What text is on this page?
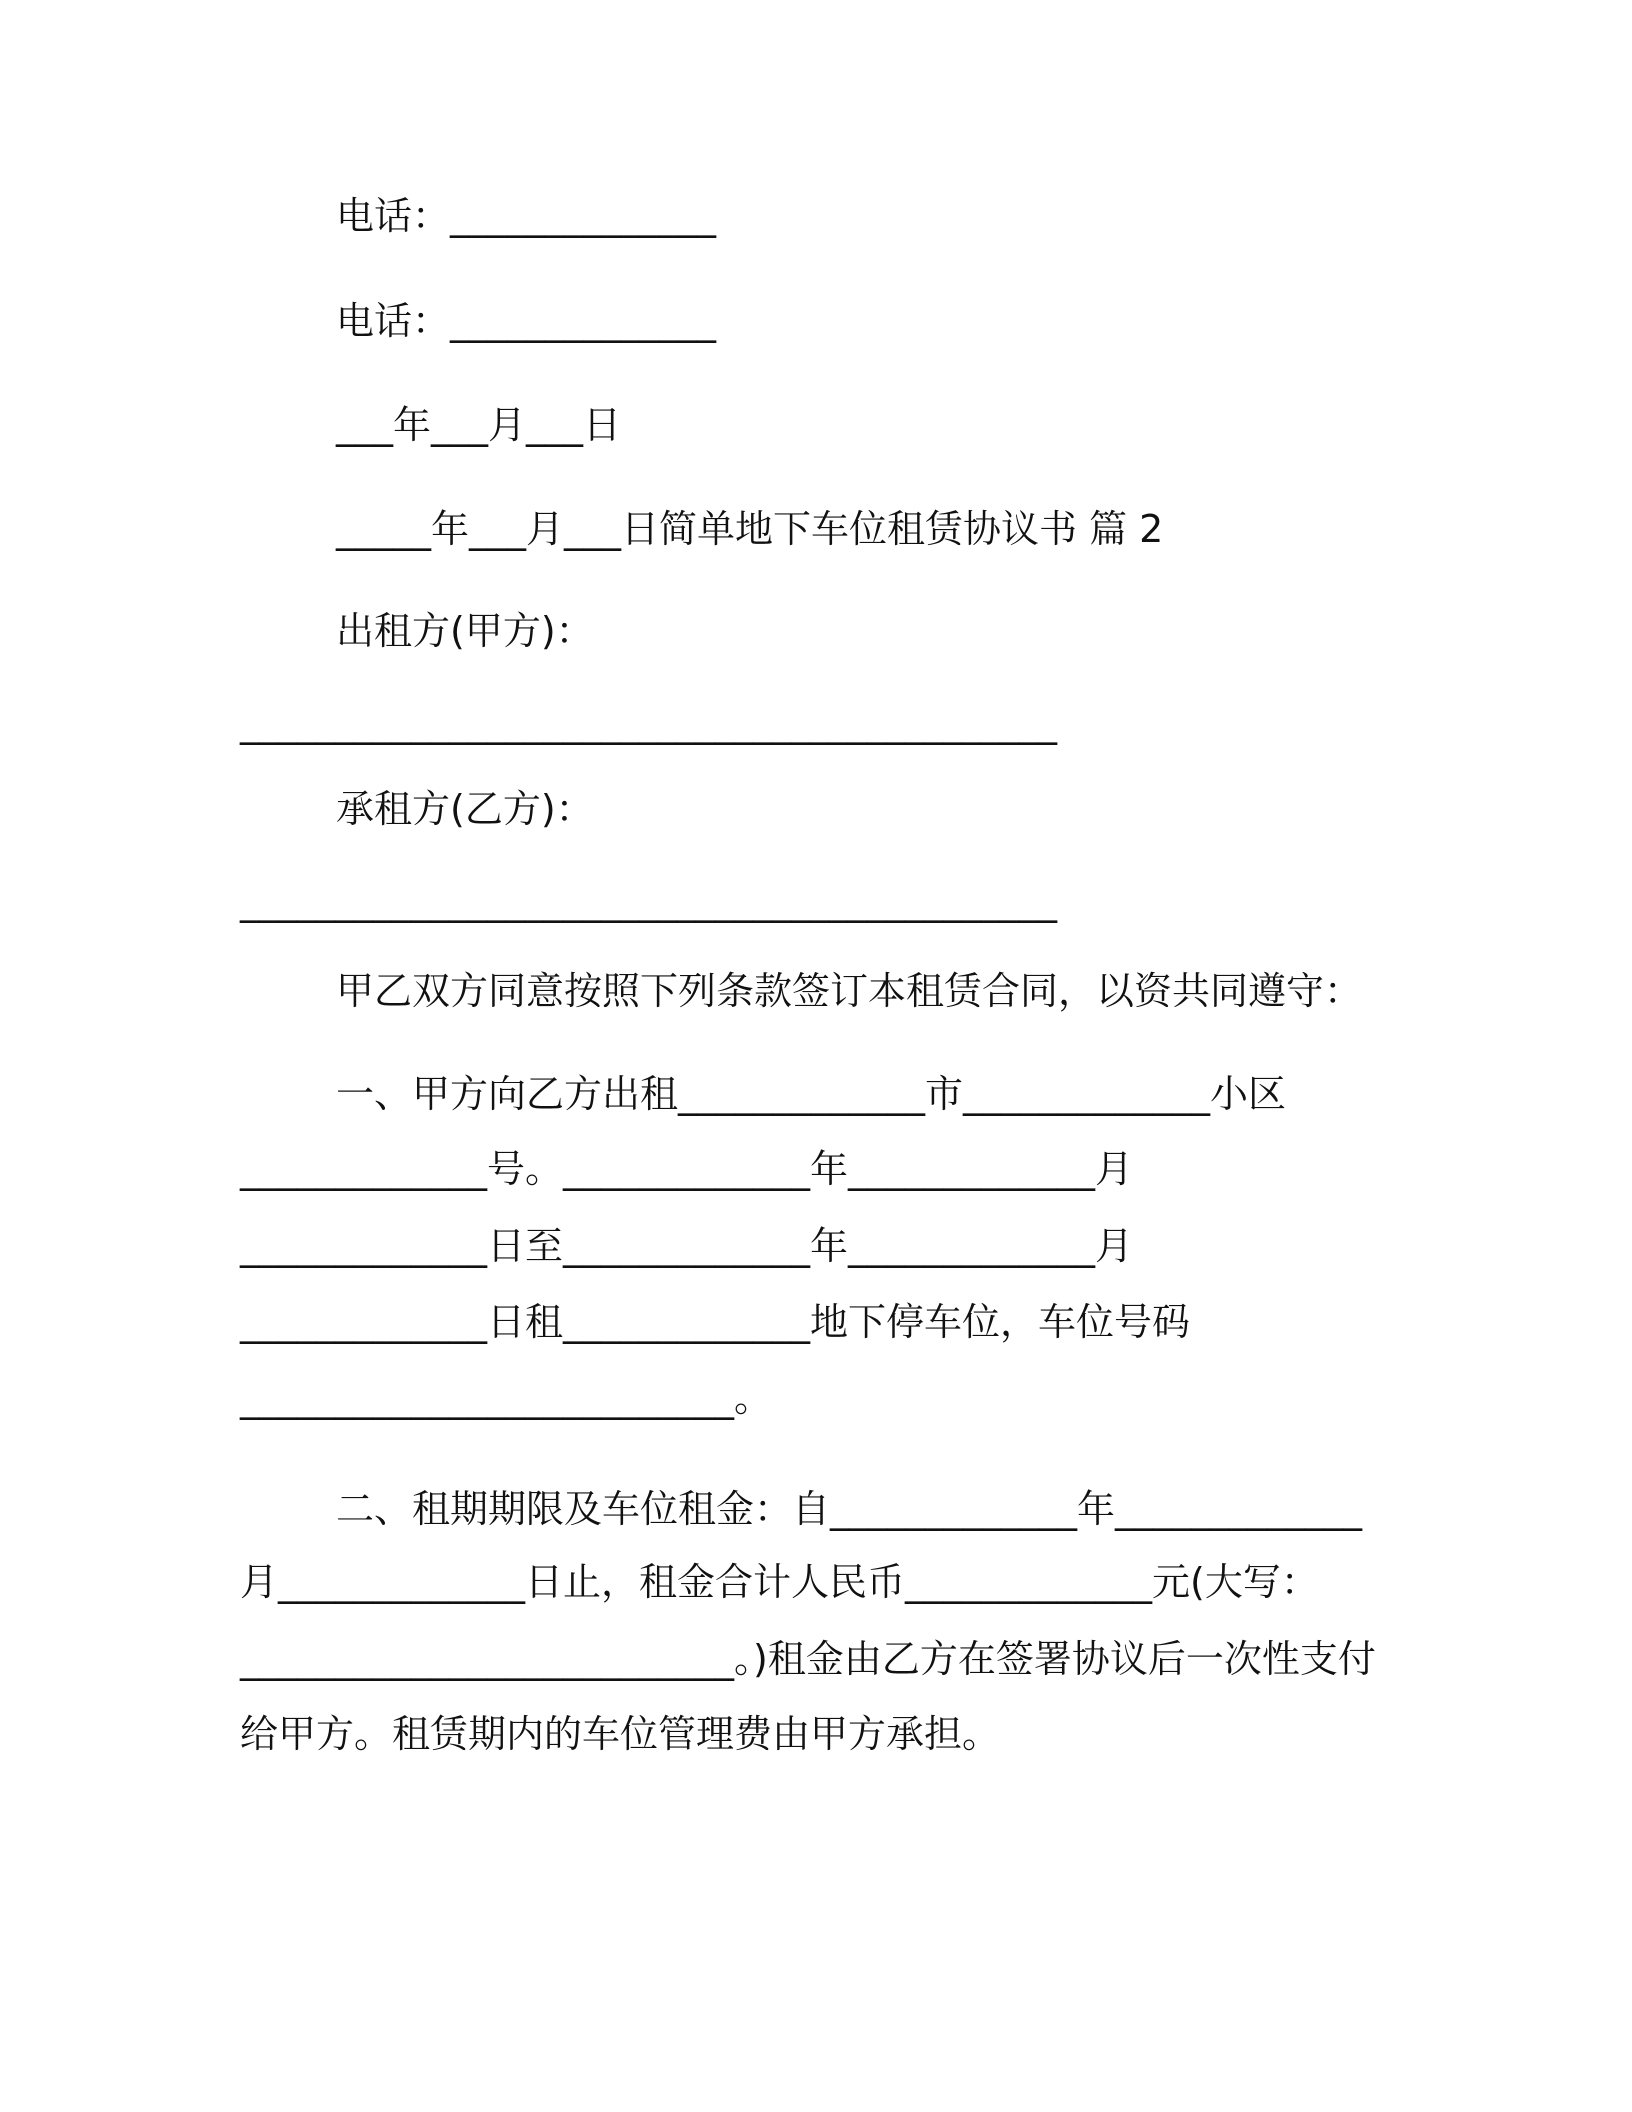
电话：______________
电话：______________
___年___月___日
_____年___月___日简单地下车位租赁协议书 篇 2
出租方(甲方)：
___________________________________________
承租方(乙方)：
___________________________________________
甲乙双方同意按照下列条款签订本租赁合同，以资共同遵守：
一、甲方向乙方出租_____________市_____________小区
_____________号。_____________年_____________月
_____________日至_____________年_____________月
_____________日租_____________地下停车位，车位号码
__________________________。
二、租期期限及车位租金：自_____________年_____________
月_____________日止，租金合计人民币_____________元(大写：
__________________________。)租金由乙方在签署协议后一次性支付
给甲方。租赁期内的车位管理费由甲方承担。
